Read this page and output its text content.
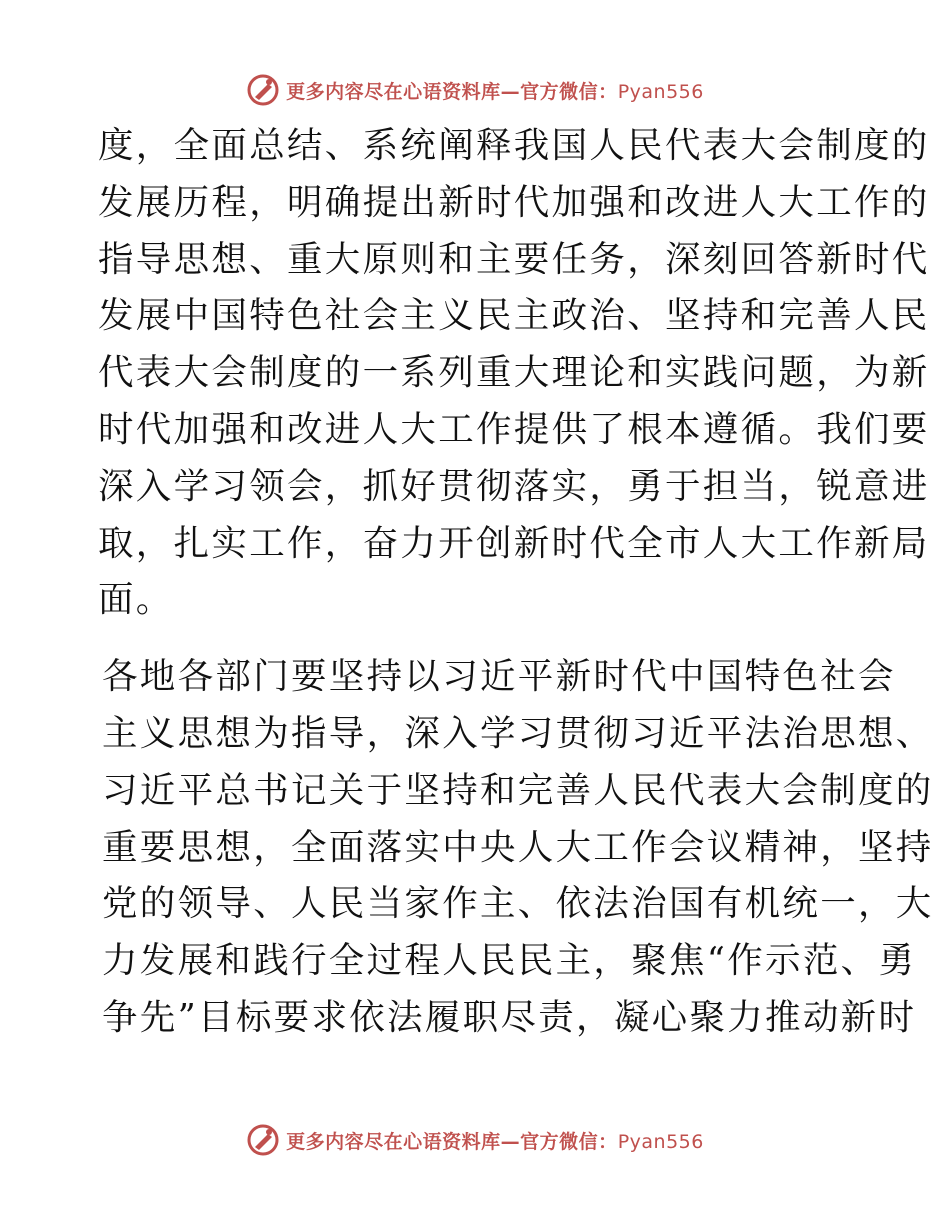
更多内容尽在心语资料库—官方微信：Pyan556
度，全面总结、系统阐释我国人民代表大会制度的
发展历程，明确提出新时代加强和改进人大工作的
指导思想、重大原则和主要任务，深刻回答新时代
发展中国特色社会主义民主政治、坚持和完善人民
代表大会制度的一系列重大理论和实践问题，为新
时代加强和改进人大工作提供了根本遵循。我们要
深入学习领会，抓好贯彻落实，勇于担当，锐意进
取，扎实工作，奋力开创新时代全市人大工作新局
面。
各地各部门要坚持以习近平新时代中国特色社会
主义思想为指导，深入学习贯彻习近平法治思想、
习近平总书记关于坚持和完善人民代表大会制度的
重要思想，全面落实中央人大工作会议精神，坚持
党的领导、人民当家作主、依法治国有机统一，大
力发展和践行全过程人民民主，聚焦“作示范、勇
争先”目标要求依法履职尽责，凝心聚力推动新时
更多内容尽在心语资料库—官方微信：Pyan556
